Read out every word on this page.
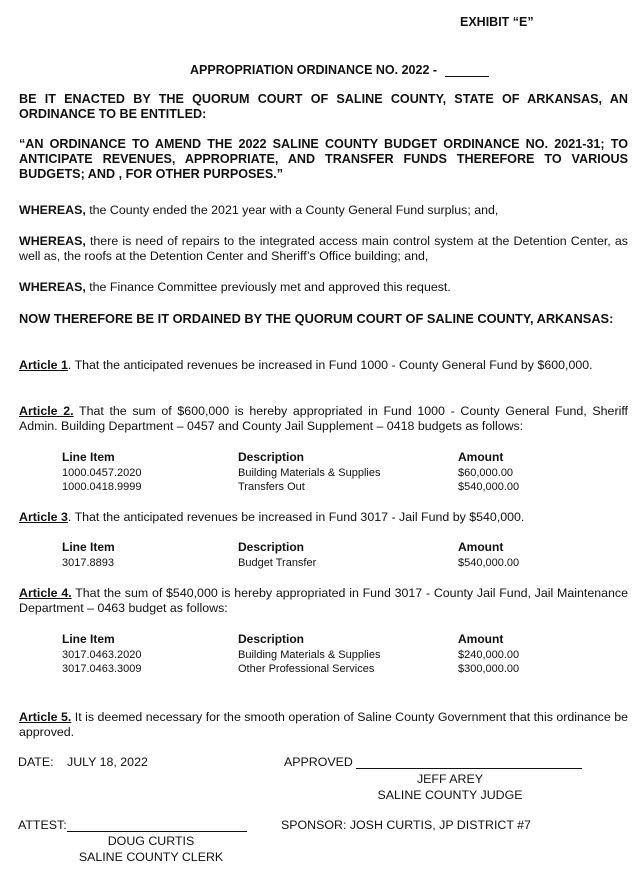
EXHIBIT “E”
APPROPRIATION ORDINANCE NO. 2022 -
BE IT ENACTED BY THE QUORUM COURT OF SALINE COUNTY, STATE OF ARKANSAS, AN ORDINANCE TO BE ENTITLED:
“AN ORDINANCE TO AMEND THE 2022 SALINE COUNTY BUDGET ORDINANCE NO. 2021-31; TO ANTICIPATE REVENUES, APPROPRIATE, AND TRANSFER FUNDS THEREFORE TO VARIOUS BUDGETS; AND , FOR OTHER PURPOSES.”
WHEREAS, the County ended the 2021 year with a County General Fund surplus; and,
WHEREAS, there is need of repairs to the integrated access main control system at the Detention Center, as well as, the roofs at the Detention Center and Sheriff’s Office building; and,
WHEREAS, the Finance Committee previously met and approved this request.
NOW THEREFORE BE IT ORDAINED BY THE QUORUM COURT OF SALINE COUNTY, ARKANSAS:
Article 1. That the anticipated revenues be increased in Fund 1000 - County General Fund by $600,000.
Article 2. That the sum of $600,000 is hereby appropriated in Fund 1000 - County General Fund, Sheriff Admin. Building Department – 0457 and County Jail Supplement – 0418 budgets as follows:
Line Item	Description	Amount
1000.0457.2020	Building Materials & Supplies	$60,000.00
1000.0418.9999	Transfers Out	$540,000.00
Article 3. That the anticipated revenues be increased in Fund 3017 - Jail Fund by $540,000.
Line Item	Description	Amount
3017.8893	Budget Transfer	$540,000.00
Article 4. That the sum of $540,000 is hereby appropriated in Fund 3017 - County Jail Fund, Jail Maintenance Department – 0463 budget as follows:
Line Item	Description	Amount
3017.0463.2020	Building Materials & Supplies	$240,000.00
3017.0463.3009	Other Professional Services	$300,000.00
Article 5. It is deemed necessary for the smooth operation of Saline County Government that this ordinance be approved.
DATE: JULY 18, 2022	APPROVED
JEFF AREY
SALINE COUNTY JUDGE
ATTEST:	SPONSOR: JOSH CURTIS, JP DISTRICT #7
DOUG CURTIS
SALINE COUNTY CLERK
